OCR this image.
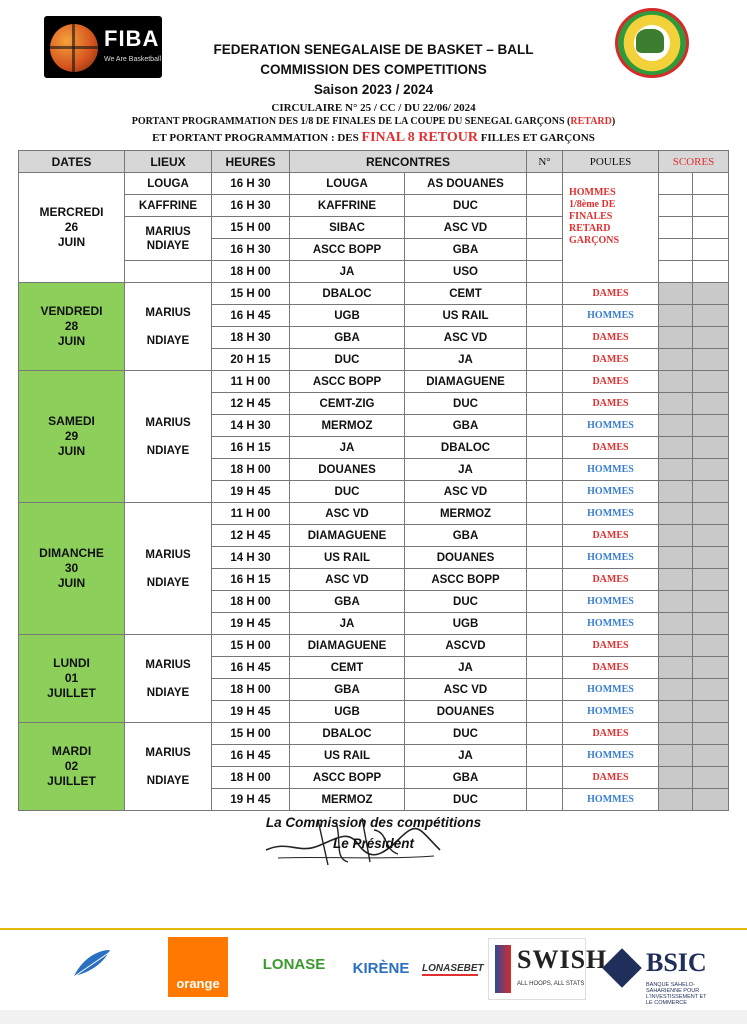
FIBA
We Are Basketball
FEDERATION SENEGALAISE DE BASKET – BALL
COMMISSION DES COMPETITIONS
Saison 2023 / 2024
CIRCULAIRE N° 25 / CC / DU 22/06/ 2024
PORTANT PROGRAMMATION DES 1/8 DE FINALES DE LA COUPE DU SENEGAL GARÇONS (RETARD)
ET PORTANT PROGRAMMATION : DES FINAL 8 RETOUR FILLES ET GARÇONS
DATES	LIEUX	HEURES	RENCONTRES		N°	POULES	SCORES	

MERCREDI
26
JUIN	LOUGA	16 H 30	LOUGA	AS DOUANES		HOMMES
1/8ème DE
FINALES
RETARD
GARÇONS		

	KAFFRINE	16 H 30	KAFFRINE	DUC				
	MARIUS NDIAYE	15 H 00	SIBAC	ASC VD				
		16 H 30	ASCC BOPP	GBA				
		18 H 00	JA	USO				

VENDREDI
28
JUIN	MARIUS
NDIAYE	15 H 00	DBALOC	CEMT		DAMES		
		16 H 45	UGB	US RAIL		HOMMES		
		18 H 30	GBA	ASC VD		DAMES		
		20 H 15	DUC	JA		DAMES		

SAMEDI
29
JUIN	MARIUS
NDIAYE	11 H 00	ASCC BOPP	DIAMAGUENE		DAMES		
		12 H 45	CEMT-ZIG	DUC		DAMES		
		14 H 30	MERMOZ	GBA		HOMMES		
		16 H 15	JA	DBALOC		DAMES		
		18 H 00	DOUANES	JA		HOMMES		
		19 H 45	DUC	ASC VD		HOMMES		

DIMANCHE
30
JUIN	MARIUS
NDIAYE	11 H 00	ASC VD	MERMOZ		HOMMES		
		12 H 45	DIAMAGUENE	GBA		DAMES		
		14 H 30	US RAIL	DOUANES		HOMMES		
		16 H 15	ASC VD	ASCC BOPP		DAMES		
		18 H 00	GBA	DUC		HOMMES		
		19 H 45	JA	UGB		HOMMES		

LUNDI
01
JUILLET	MARIUS
NDIAYE	15 H 00	DIAMAGUENE	ASCVD		DAMES		
		16 H 45	CEMT	JA		DAMES		
		18 H 00	GBA	ASC VD		HOMMES		
		19 H 45	UGB	DOUANES		HOMMES		

MARDI
02
JUILLET	MARIUS
NDIAYE	15 H 00	DBALOC	DUC		DAMES		
		16 H 45	US RAIL	JA		HOMMES		
		18 H 00	ASCC BOPP	GBA		DAMES		
		19 H 45	MERMOZ	DUC		HOMMES		
La Commission des compétitions
Le Président
orange
LONASE	KIRÈNE LONASEBET SWISH
ALL HOOPS, ALL STATS
BSIC
BANQUE SAHELO-SAHARIENNE POUR L'INVESTISSEMENT ET LE COMMERCE
